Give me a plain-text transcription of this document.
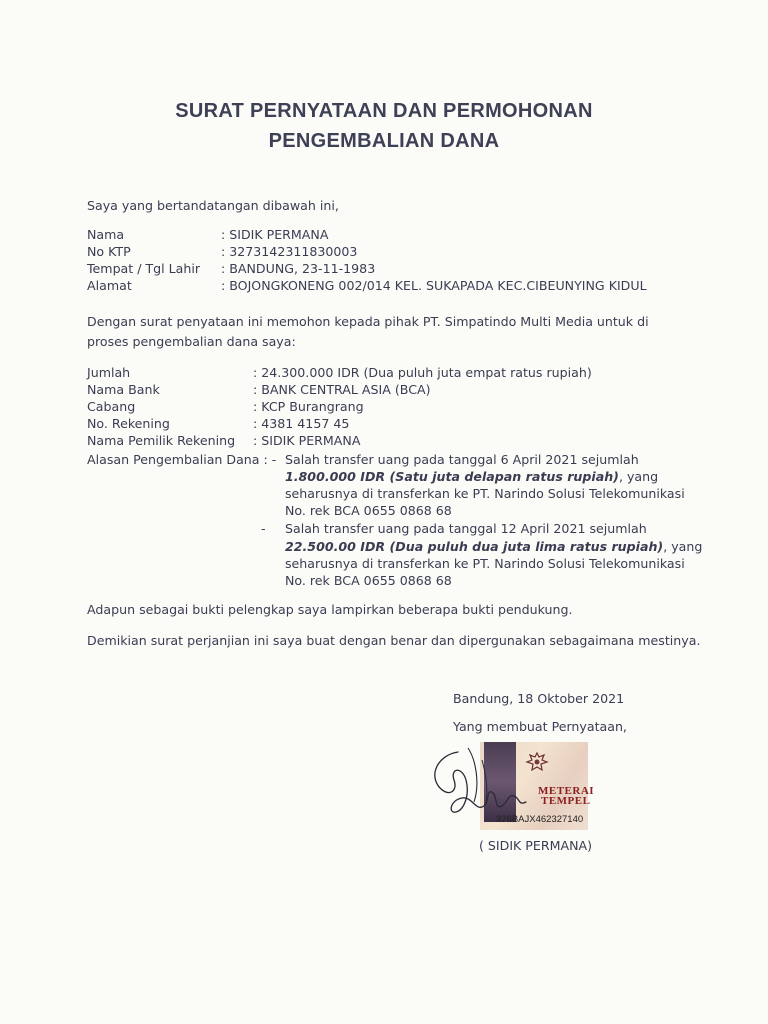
SURAT PERNYATAAN DAN PERMOHONAN
PENGEMBALIAN DANA
Saya yang bertandatangan dibawah ini,
Nama	: SIDIK PERMANA
No KTP	: 3273142311830003
Tempat / Tgl Lahir : BANDUNG, 23-11-1983
Alamat	: BOJONGKONENG 002/014 KEL. SUKAPADA KEC.CIBEUNYING KIDUL
Dengan surat penyataan ini memohon kepada pihak PT. Simpatindo Multi Media untuk di
proses pengembalian dana saya:
Jumlah	: 24.300.000 IDR (Dua puluh juta empat ratus rupiah)
Nama Bank	: BANK CENTRAL ASIA (BCA)
Cabang	: KCP Burangrang
No. Rekening	: 4381 4157 45
Nama Pemilik Rekening : SIDIK PERMANA
Alasan Pengembalian Dana : - Salah transfer uang pada tanggal 6 April 2021 sejumlah
1.800.000 IDR (Satu juta delapan ratus rupiah), yang
seharusnya di transferkan ke PT. Narindo Solusi Telekomunikasi
No. rek BCA 0655 0868 68
- Salah transfer uang pada tanggal 12 April 2021 sejumlah
22.500.00 IDR (Dua puluh dua juta lima ratus rupiah), yang
seharusnya di transferkan ke PT. Narindo Solusi Telekomunikasi
No. rek BCA 0655 0868 68
Adapun sebagai bukti pelengkap saya lampirkan beberapa bukti pendukung.
Demikian surat perjanjian ini saya buat dengan benar dan dipergunakan sebagaimana mestinya.
Bandung, 18 Oktober 2021
Yang membuat Pernyataan,
METERAI
TEMPEL
376BAJX462327140
( SIDIK PERMANA)
